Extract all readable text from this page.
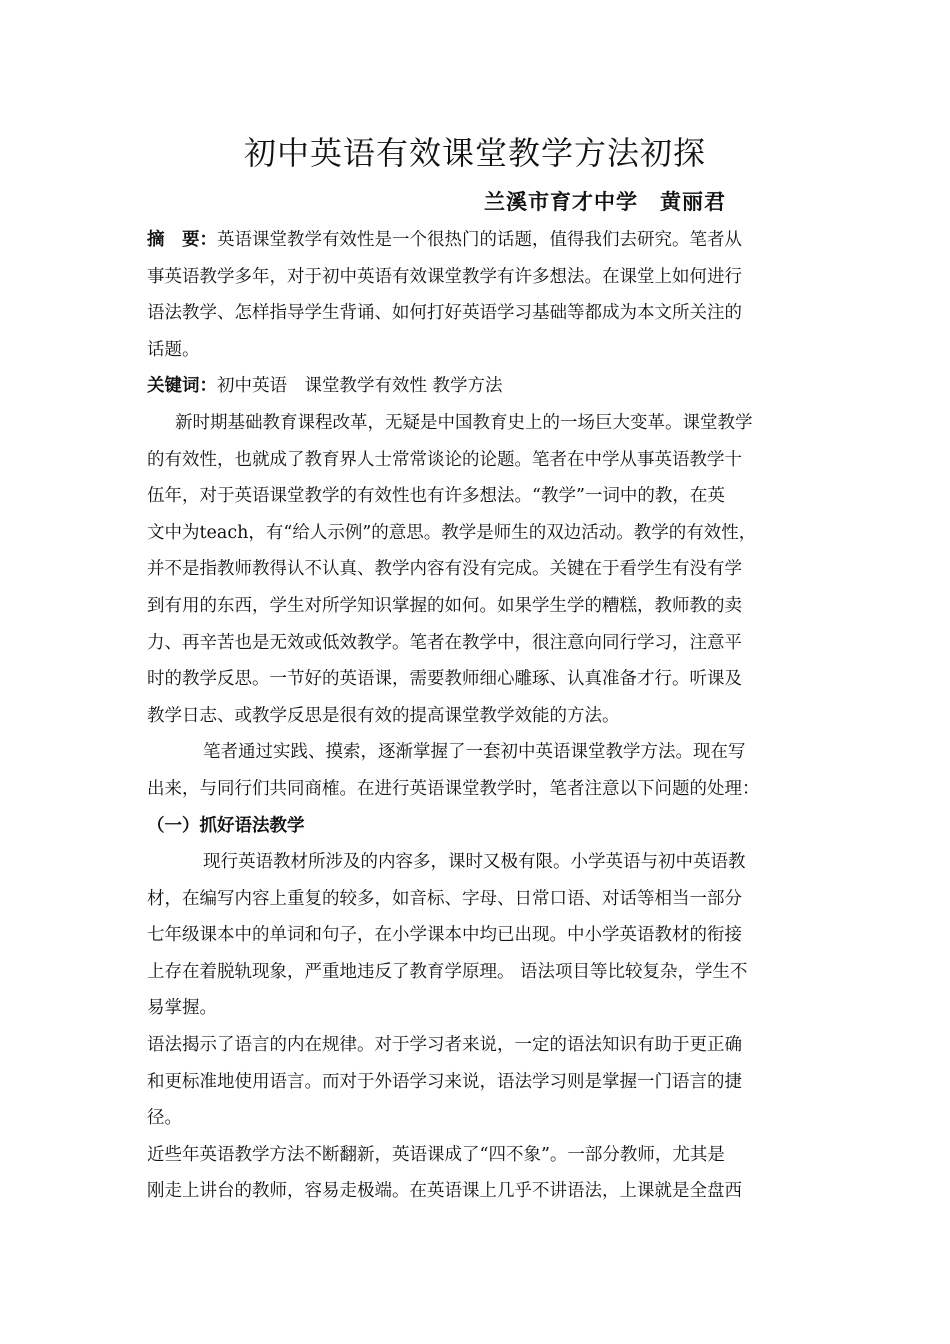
初中英语有效课堂教学方法初探
兰溪市育才中学　黄丽君
摘　要：英语课堂教学有效性是一个很热门的话题，值得我们去研究。笔者从
事英语教学多年，对于初中英语有效课堂教学有许多想法。在课堂上如何进行
语法教学、怎样指导学生背诵、如何打好英语学习基础等都成为本文所关注的
话题。
关键词：初中英语　课堂教学有效性 教学方法
新时期基础教育课程改革，无疑是中国教育史上的一场巨大变革。课堂教学
的有效性，也就成了教育界人士常常谈论的论题。笔者在中学从事英语教学十
伍年，对于英语课堂教学的有效性也有许多想法。“教学”一词中的教，在英
文中为teach，有“给人示例”的意思。教学是师生的双边活动。教学的有效性，
并不是指教师教得认不认真、教学内容有没有完成。关键在于看学生有没有学
到有用的东西，学生对所学知识掌握的如何。如果学生学的糟糕，教师教的卖
力、再辛苦也是无效或低效教学。笔者在教学中，很注意向同行学习，注意平
时的教学反思。一节好的英语课，需要教师细心雕琢、认真准备才行。听课及
教学日志、或教学反思是很有效的提高课堂教学效能的方法。
笔者通过实践、摸索，逐渐掌握了一套初中英语课堂教学方法。现在写
出来，与同行们共同商榷。在进行英语课堂教学时，笔者注意以下问题的处理：
（一）抓好语法教学
现行英语教材所涉及的内容多，课时又极有限。小学英语与初中英语教
材，在编写内容上重复的较多，如音标、字母、日常口语、对话等相当一部分
七年级课本中的单词和句子，在小学课本中均已出现。中小学英语教材的衔接
上存在着脱轨现象，严重地违反了教育学原理。 语法项目等比较复杂，学生不
易掌握。
语法揭示了语言的内在规律。对于学习者来说，一定的语法知识有助于更正确
和更标准地使用语言。而对于外语学习来说，语法学习则是掌握一门语言的捷
径。
近些年英语教学方法不断翻新，英语课成了“四不象”。一部分教师，尤其是
刚走上讲台的教师，容易走极端。在英语课上几乎不讲语法，上课就是全盘西
